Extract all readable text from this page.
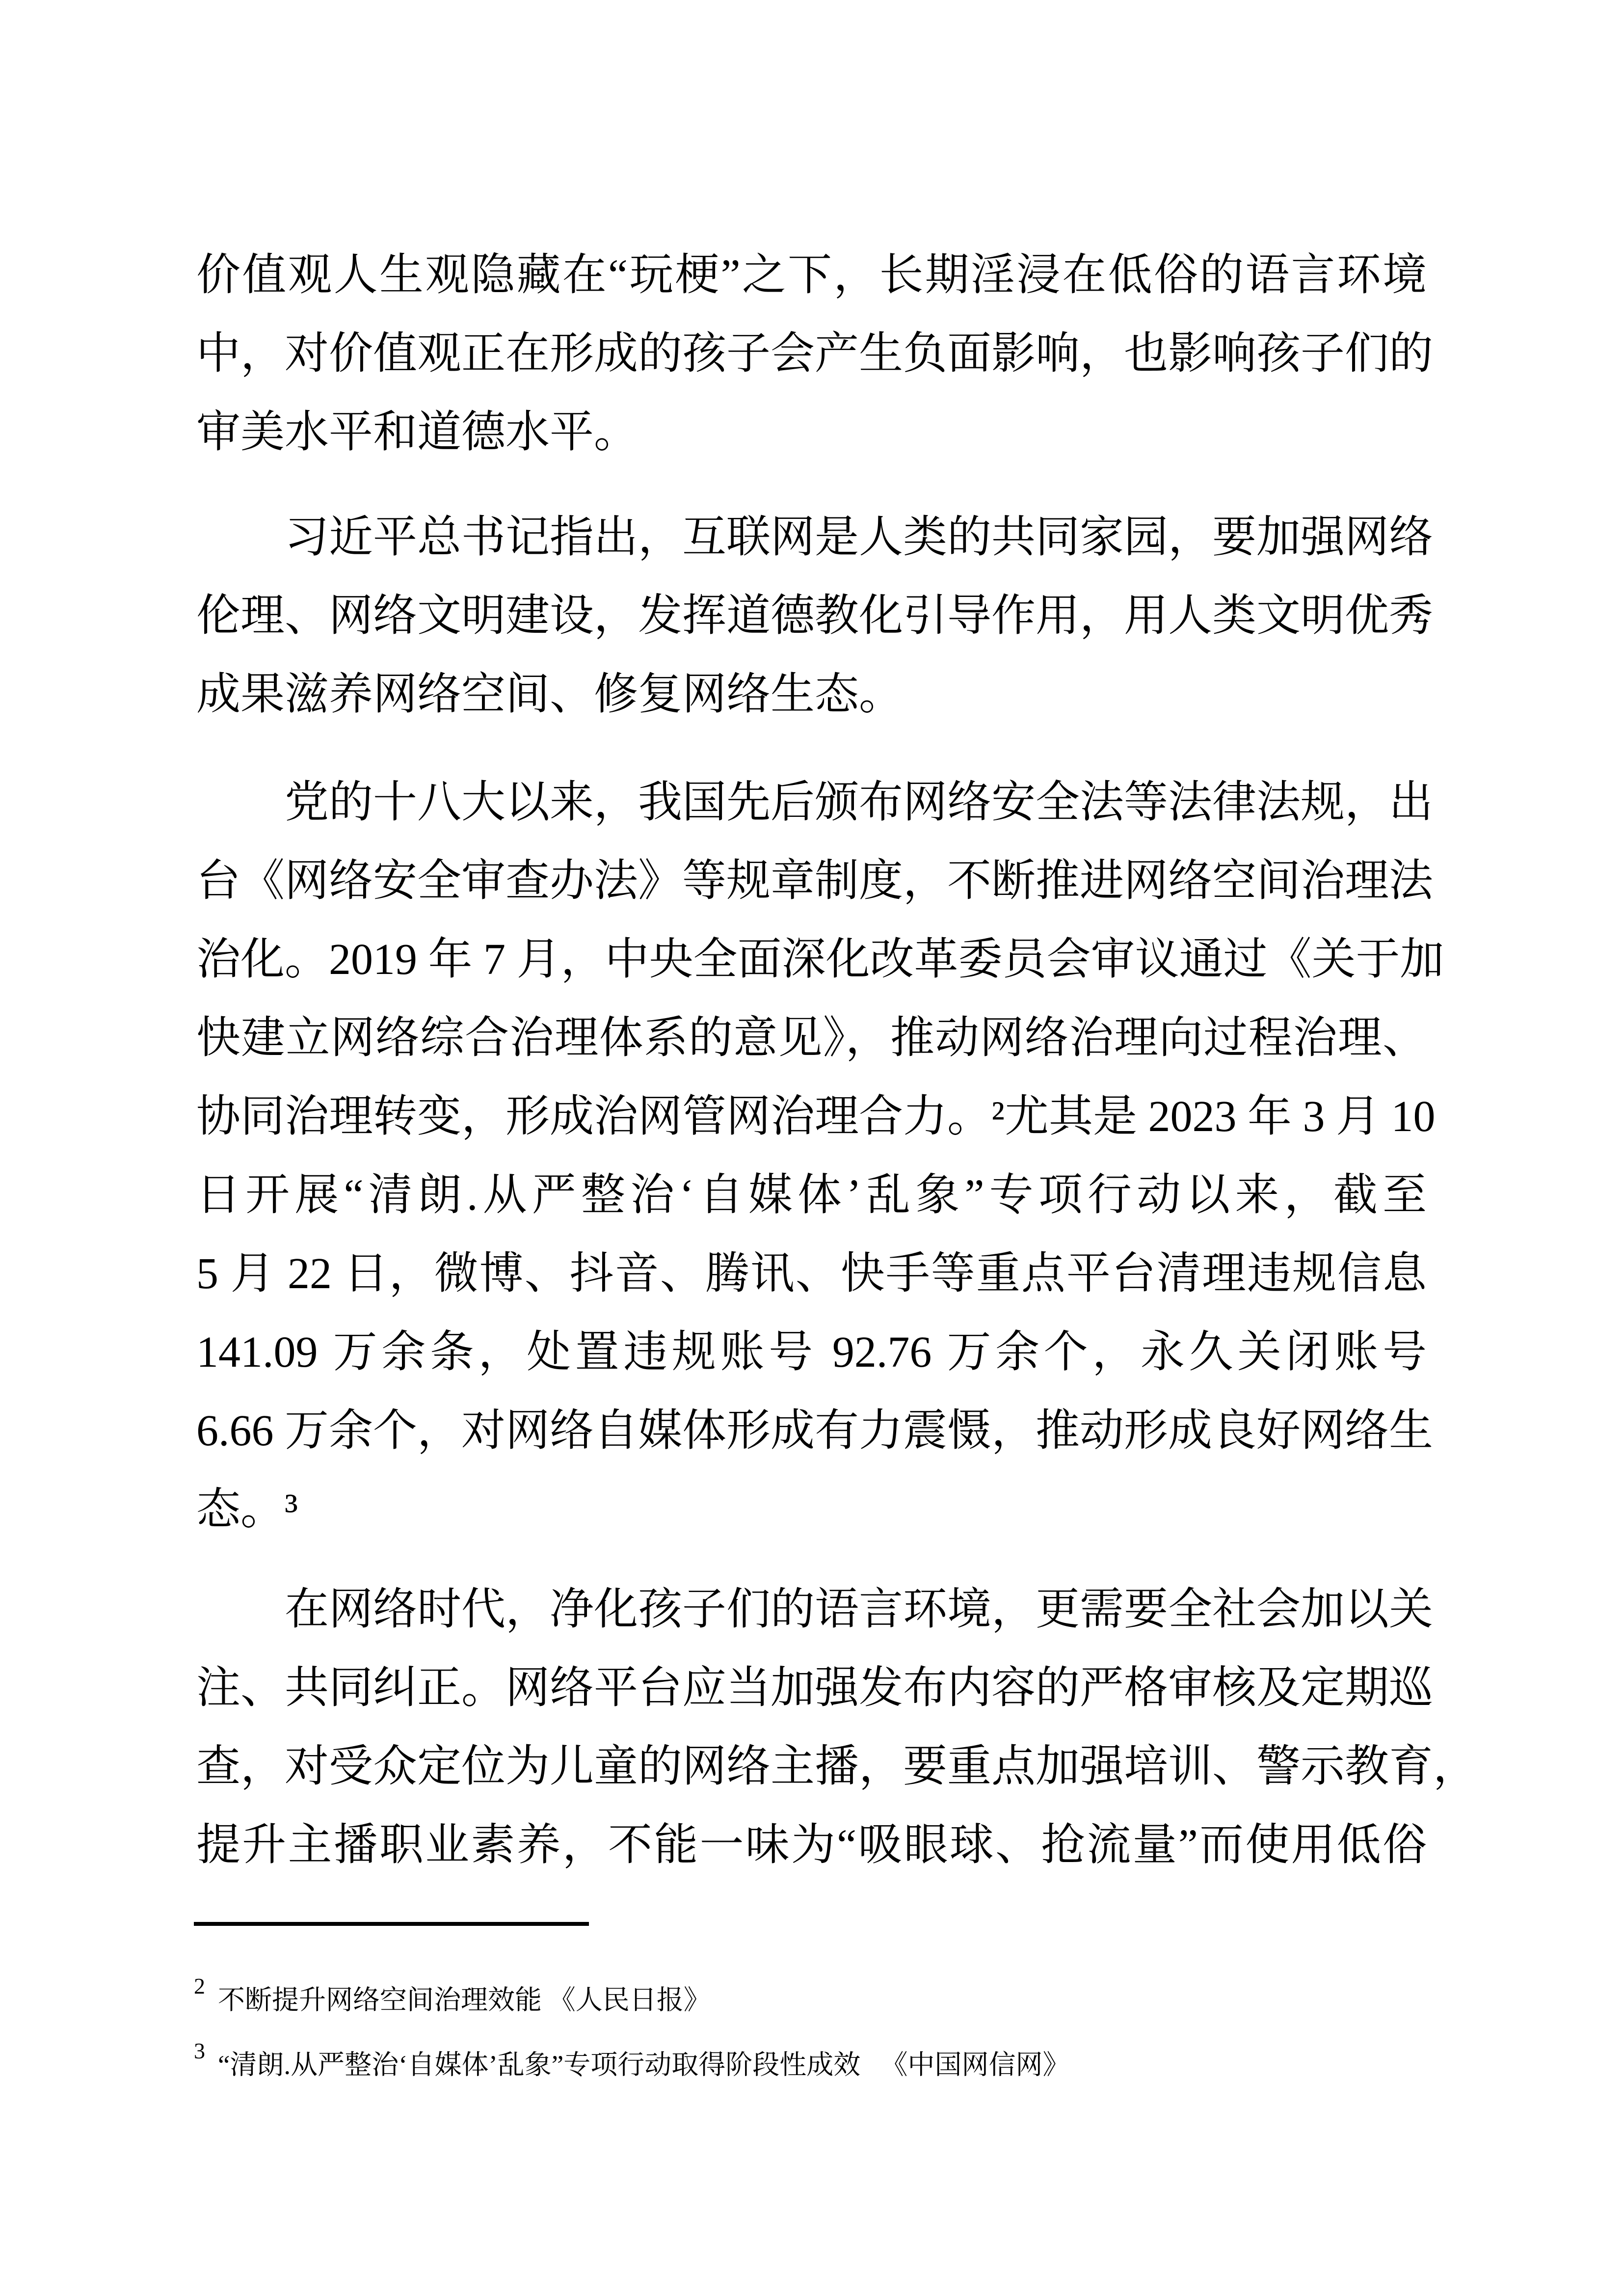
价值观人生观隐藏在“玩梗”之下，长期淫浸在低俗的语言环境
中，对价值观正在形成的孩子会产生负面影响，也影响孩子们的
审美水平和道德水平。
习近平总书记指出，互联网是人类的共同家园，要加强网络
伦理、网络文明建设，发挥道德教化引导作用，用人类文明优秀
成果滋养网络空间、修复网络生态。
党的十八大以来，我国先后颁布网络安全法等法律法规，出
台《网络安全审查办法》等规章制度，不断推进网络空间治理法
治化。2019 年 7 月，中央全面深化改革委员会审议通过《关于加
快建立网络综合治理体系的意见》，推动网络治理向过程治理、
协同治理转变，形成治网管网治理合力。²尤其是 2023 年 3 月 10
日开展“清朗.从严整治‘自媒体’乱象”专项行动以来，截至
5 月 22 日，微博、抖音、腾讯、快手等重点平台清理违规信息
141.09 万余条，处置违规账号 92.76 万余个，永久关闭账号
6.66 万余个，对网络自媒体形成有力震慑，推动形成良好网络生
态。³
在网络时代，净化孩子们的语言环境，更需要全社会加以关
注、共同纠正。网络平台应当加强发布内容的严格审核及定期巡
查，对受众定位为儿童的网络主播，要重点加强培训、警示教育，
提升主播职业素养，不能一味为“吸眼球、抢流量”而使用低俗
$^2$ 不断提升网络空间治理效能 《人民日报》
$^3$ “清朗.从严整治‘自媒体’乱象”专项行动取得阶段性成效 　《中国网信网》
